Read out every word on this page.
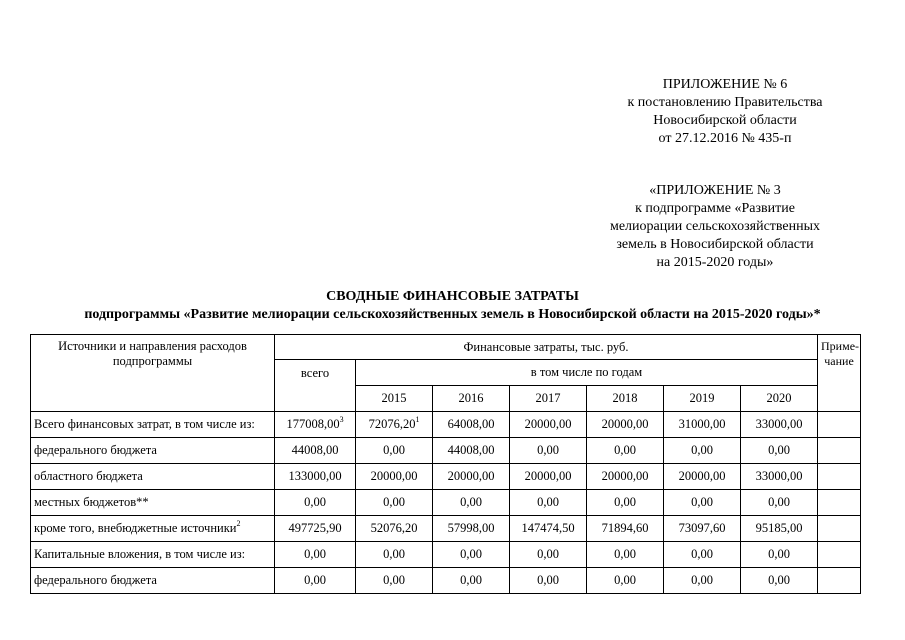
ПРИЛОЖЕНИЕ № 6
к постановлению Правительства
Новосибирской области
от 27.12.2016 № 435-п
«ПРИЛОЖЕНИЕ № 3
к подпрограмме «Развитие
мелиорации сельскохозяйственных
земель в Новосибирской области
на 2015-2020 годы»
СВОДНЫЕ ФИНАНСОВЫЕ ЗАТРАТЫ
подпрограммы «Развитие мелиорации сельскохозяйственных земель в Новосибирской области на 2015-2020 годы»*
Источники и направления расходов подпрограммы	Финансовые затраты, тыс. руб.							Приме-чание
	всего	в том числе по годам						
		2015	2016	2017	2018	2019	2020	
Всего финансовых затрат, в том числе из:	177008,00$^3$	72076,20$^1$	64008,00	20000,00	20000,00	31000,00	33000,00	
федерального бюджета	44008,00	0,00	44008,00	0,00	0,00	0,00	0,00	
областного бюджета	133000,00	20000,00	20000,00	20000,00	20000,00	20000,00	33000,00	
местных бюджетов**	0,00	0,00	0,00	0,00	0,00	0,00	0,00	
кроме того, внебюджетные источники$^2$	497725,90	52076,20	57998,00	147474,50	71894,60	73097,60	95185,00	
Капитальные вложения, в том числе из:	0,00	0,00	0,00	0,00	0,00	0,00	0,00	
федерального бюджета	0,00	0,00	0,00	0,00	0,00	0,00	0,00	
